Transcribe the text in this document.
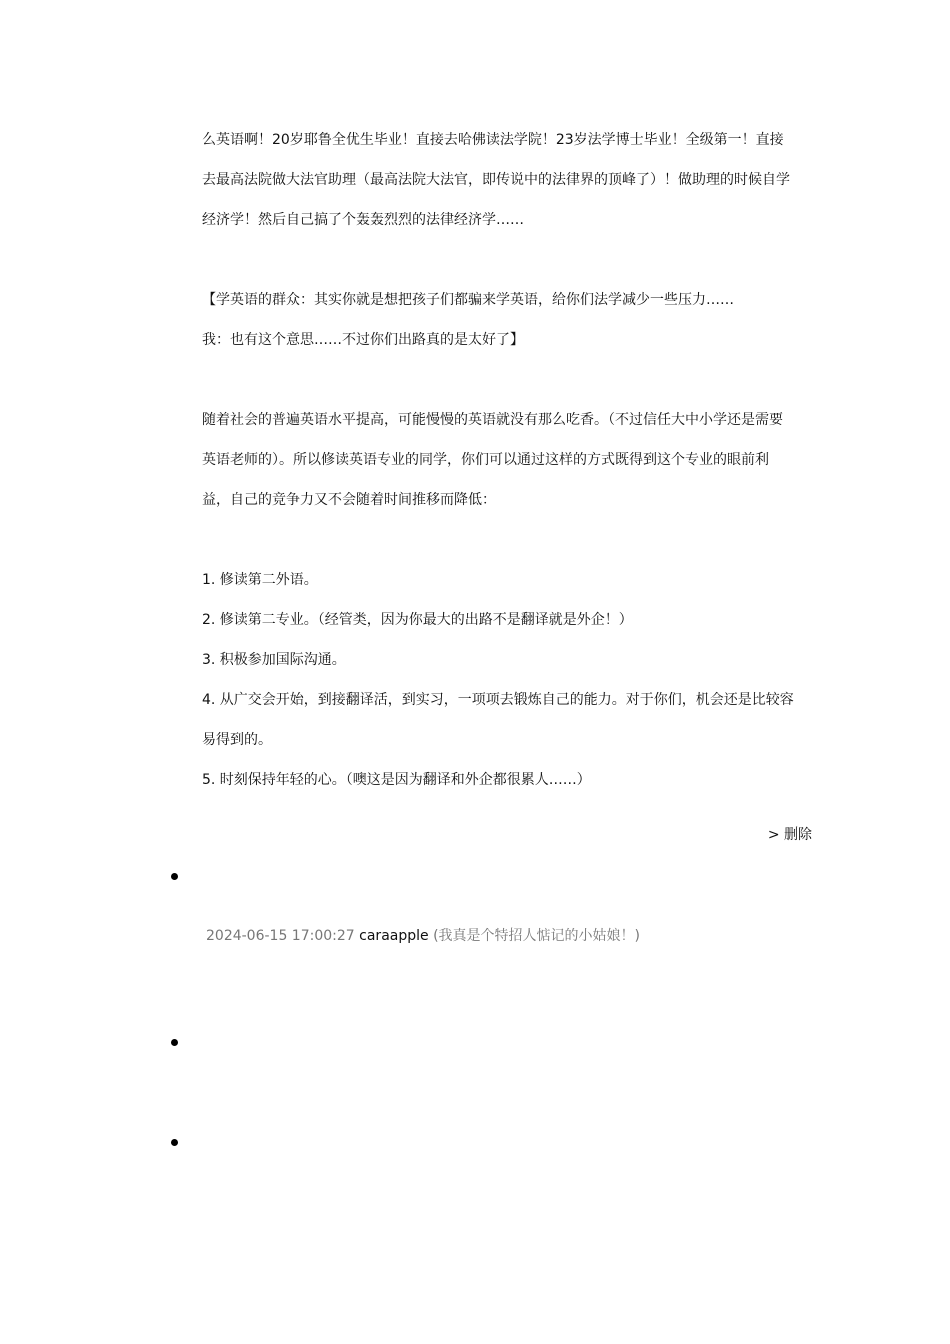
么英语啊！20岁耶鲁全优生毕业！直接去哈佛读法学院！23岁法学博士毕业！全级第一！直接

去最高法院做大法官助理（最高法院大法官，即传说中的法律界的顶峰了）！做助理的时候自学

经济学！然后自己搞了个轰轰烈烈的法律经济学……

【学英语的群众：其实你就是想把孩子们都骗来学英语，给你们法学减少一些压力……

我：也有这个意思……不过你们出路真的是太好了】

随着社会的普遍英语水平提高，可能慢慢的英语就没有那么吃香。（不过信任大中小学还是需要

英语老师的）。所以修读英语专业的同学，你们可以通过这样的方式既得到这个专业的眼前利

益，自己的竞争力又不会随着时间推移而降低：

1. 修读第二外语。

2. 修读第二专业。（经管类，因为你最大的出路不是翻译就是外企！）

3. 积极参加国际沟通。

4. 从广交会开始，到接翻译活，到实习，一项项去锻炼自己的能力。对于你们，机会还是比较容

易得到的。

5. 时刻保持年轻的心。（噢这是因为翻译和外企都很累人……）

> 删除
2024-06-15 17:00:27 caraapple (我真是个特招人惦记的小姑娘！)
